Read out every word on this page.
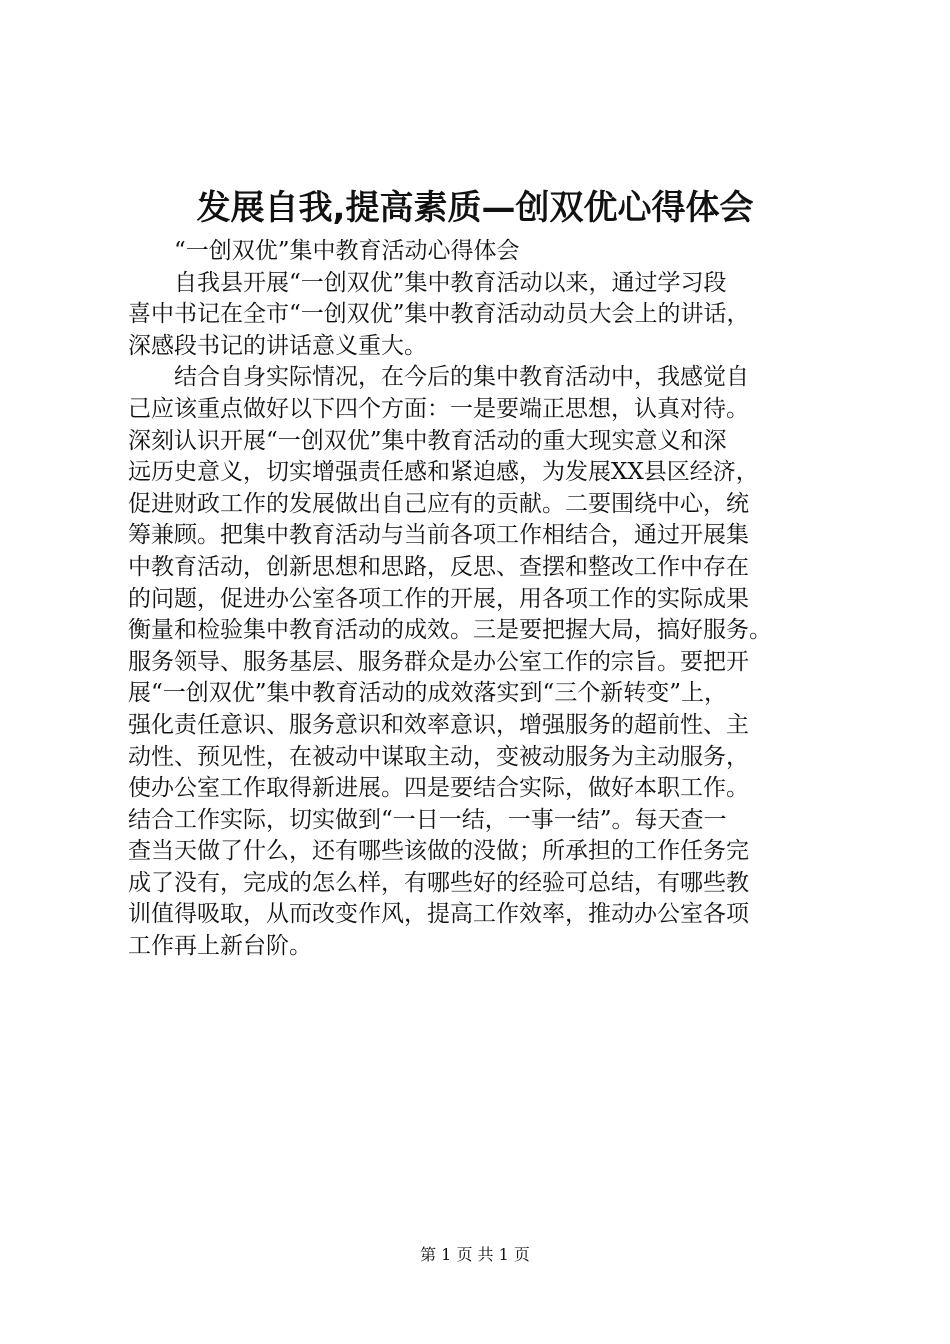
发展自我,提高素质—创双优心得体会
“一创双优”集中教育活动心得体会
自我县开展“一创双优”集中教育活动以来，通过学习段
喜中书记在全市“一创双优”集中教育活动动员大会上的讲话，
深感段书记的讲话意义重大。
结合自身实际情况，在今后的集中教育活动中，我感觉自
己应该重点做好以下四个方面：一是要端正思想，认真对待。
深刻认识开展“一创双优”集中教育活动的重大现实意义和深
远历史意义，切实增强责任感和紧迫感，为发展XX县区经济，
促进财政工作的发展做出自己应有的贡献。二要围绕中心，统
筹兼顾。把集中教育活动与当前各项工作相结合，通过开展集
中教育活动，创新思想和思路，反思、查摆和整改工作中存在
的问题，促进办公室各项工作的开展，用各项工作的实际成果
衡量和检验集中教育活动的成效。三是要把握大局，搞好服务。
服务领导、服务基层、服务群众是办公室工作的宗旨。要把开
展“一创双优”集中教育活动的成效落实到“三个新转变”上，
强化责任意识、服务意识和效率意识，增强服务的超前性、主
动性、预见性，在被动中谋取主动，变被动服务为主动服务，
使办公室工作取得新进展。四是要结合实际，做好本职工作。
结合工作实际，切实做到“一日一结，一事一结”。每天查一
查当天做了什么，还有哪些该做的没做；所承担的工作任务完
成了没有，完成的怎么样，有哪些好的经验可总结，有哪些教
训值得吸取，从而改变作风，提高工作效率，推动办公室各项
工作再上新台阶。
第 1 页 共 1 页
